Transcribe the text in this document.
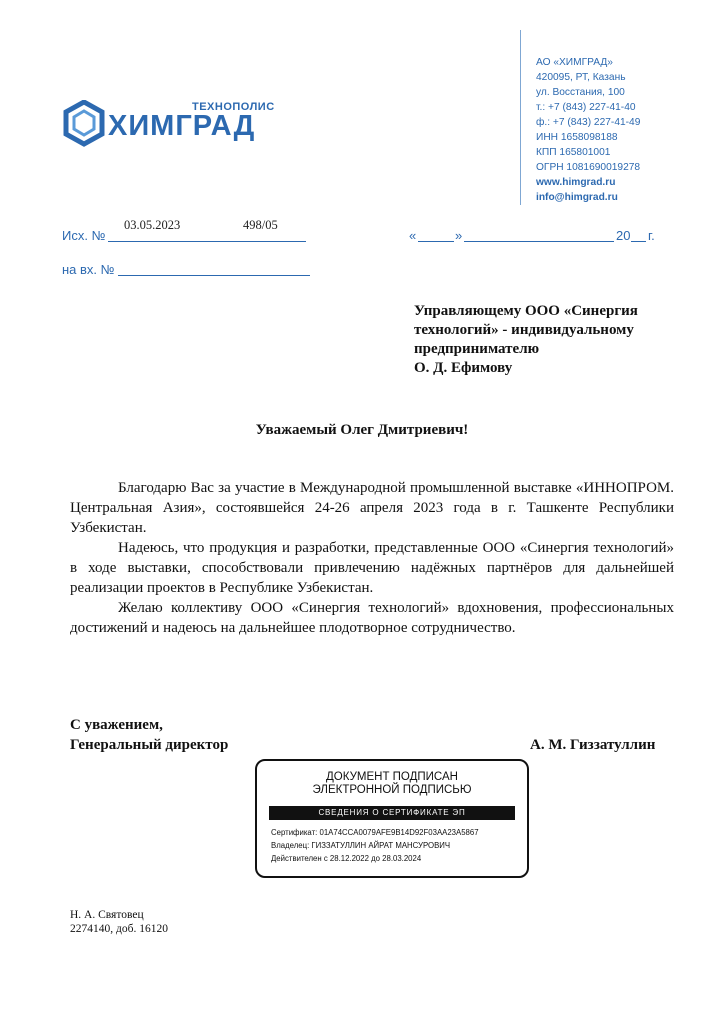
ТЕХНОПОЛИС
ХИМГРАД
АО «ХИМГРАД»
420095, РТ, Казань
ул. Восстания, 100
т.: +7 (843) 227-41-40
ф.: +7 (843) 227-41-49
ИНН 1658098188
КПП 165801001
ОГРН 1081690019278
www.himgrad.ru
info@himgrad.ru
Исх. №
03.05.2023	498/05
«	»	20 г.
на вх. №
Управляющему ООО «Синергия
технологий» - индивидуальному
предпринимателю
О. Д. Ефимову
Уважаемый Олег Дмитриевич!

Благодарю Вас за участие в Международной промышленной выставке «ИННОПРОМ. Центральная Азия», состоявшейся 24-26 апреля 2023 года в г. Ташкенте Республики Узбекистан.

Надеюсь, что продукция и разработки, представленные ООО «Синергия технологий» в ходе выставки, способствовали привлечению надёжных партнёров для дальнейшей реализации проектов в Республике Узбекистан.

Желаю коллективу ООО «Синергия технологий» вдохновения, профессиональных достижений и надеюсь на дальнейшее плодотворное сотрудничество.

С уважением,
Генеральный директор	А. М. Гиззатуллин
ДОКУМЕНТ ПОДПИСАН
ЭЛЕКТРОННОЙ ПОДПИСЬЮ
СВЕДЕНИЯ О СЕРТИФИКАТЕ ЭП
Сертификат: 01A74CCA0079AFE9B14D92F03AA23A5867
Владелец: ГИЗЗАТУЛЛИН АЙРАТ МАНСУРОВИЧ
Действителен с 28.12.2022 до 28.03.2024
Н. А. Святовец
2274140, доб. 16120
